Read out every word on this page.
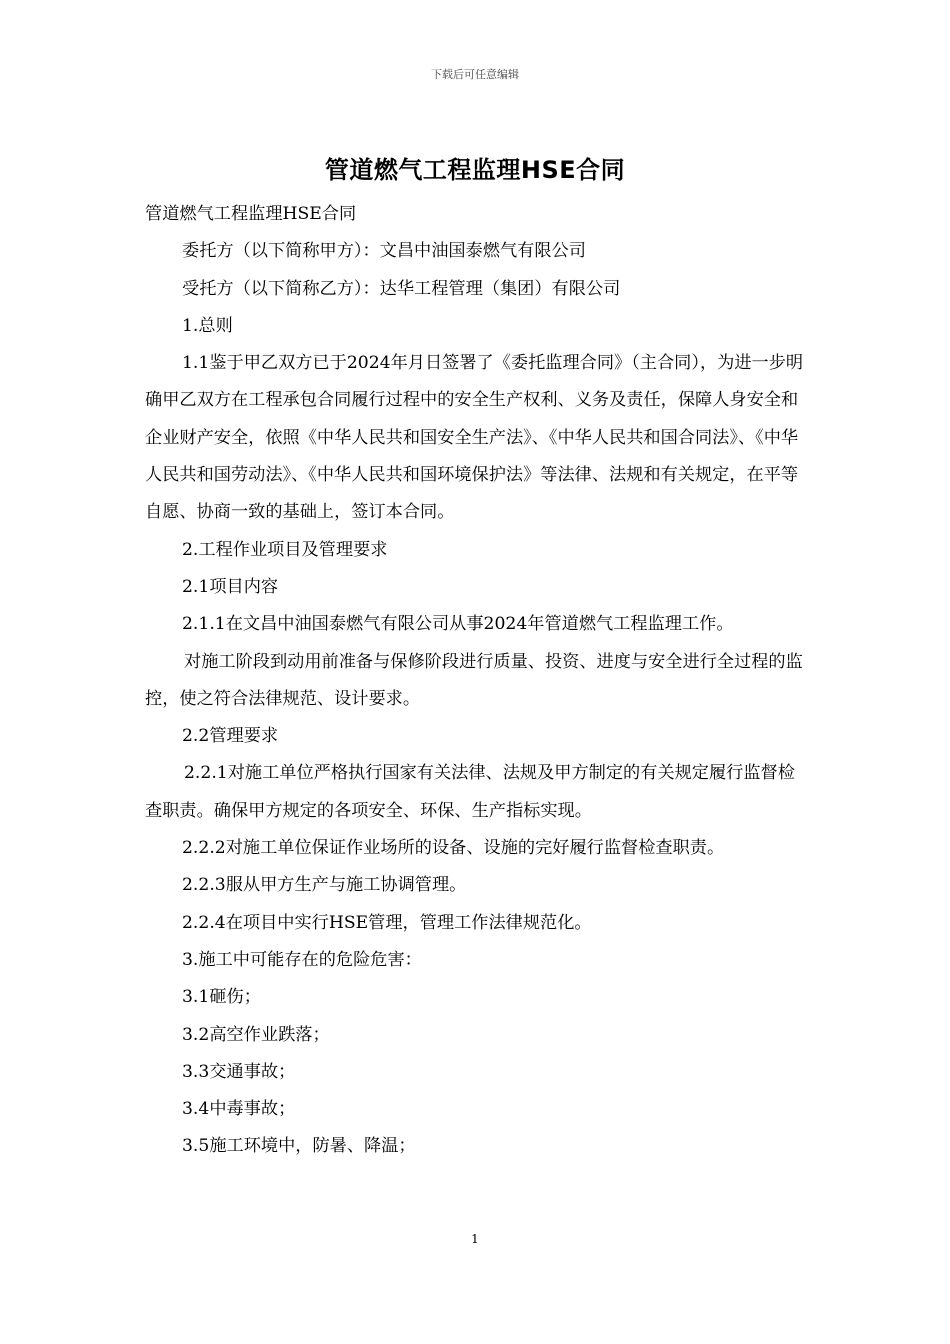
下载后可任意编辑
管道燃气工程监理HSE合同

管道燃气工程监理HSE合同

委托方（以下简称甲方）：文昌中油国泰燃气有限公司

受托方（以下简称乙方）：达华工程管理（集团）有限公司

1.总则

1.1鉴于甲乙双方已于2024年月日签署了《委托监理合同》（主合同），为进一步明确甲乙双方在工程承包合同履行过程中的安全生产权利、义务及责任，保障人身安全和企业财产安全，依照《中华人民共和国安全生产法》、《中华人民共和国合同法》、《中华人民共和国劳动法》、《中华人民共和国环境保护法》等法律、法规和有关规定，在平等自愿、协商一致的基础上，签订本合同。

2.工程作业项目及管理要求

2.1项目内容

2.1.1在文昌中油国泰燃气有限公司从事2024年管道燃气工程监理工作。

对施工阶段到动用前准备与保修阶段进行质量、投资、进度与安全进行全过程的监控，使之符合法律规范、设计要求。

2.2管理要求

2.2.1对施工单位严格执行国家有关法律、法规及甲方制定的有关规定履行监督检查职责。确保甲方规定的各项安全、环保、生产指标实现。

2.2.2对施工单位保证作业场所的设备、设施的完好履行监督检查职责。

2.2.3服从甲方生产与施工协调管理。

2.2.4在项目中实行HSE管理，管理工作法律规范化。

3.施工中可能存在的危险危害：

3.1砸伤；

3.2高空作业跌落；

3.3交通事故；

3.4中毒事故；

3.5施工环境中，防暑、降温；

1
